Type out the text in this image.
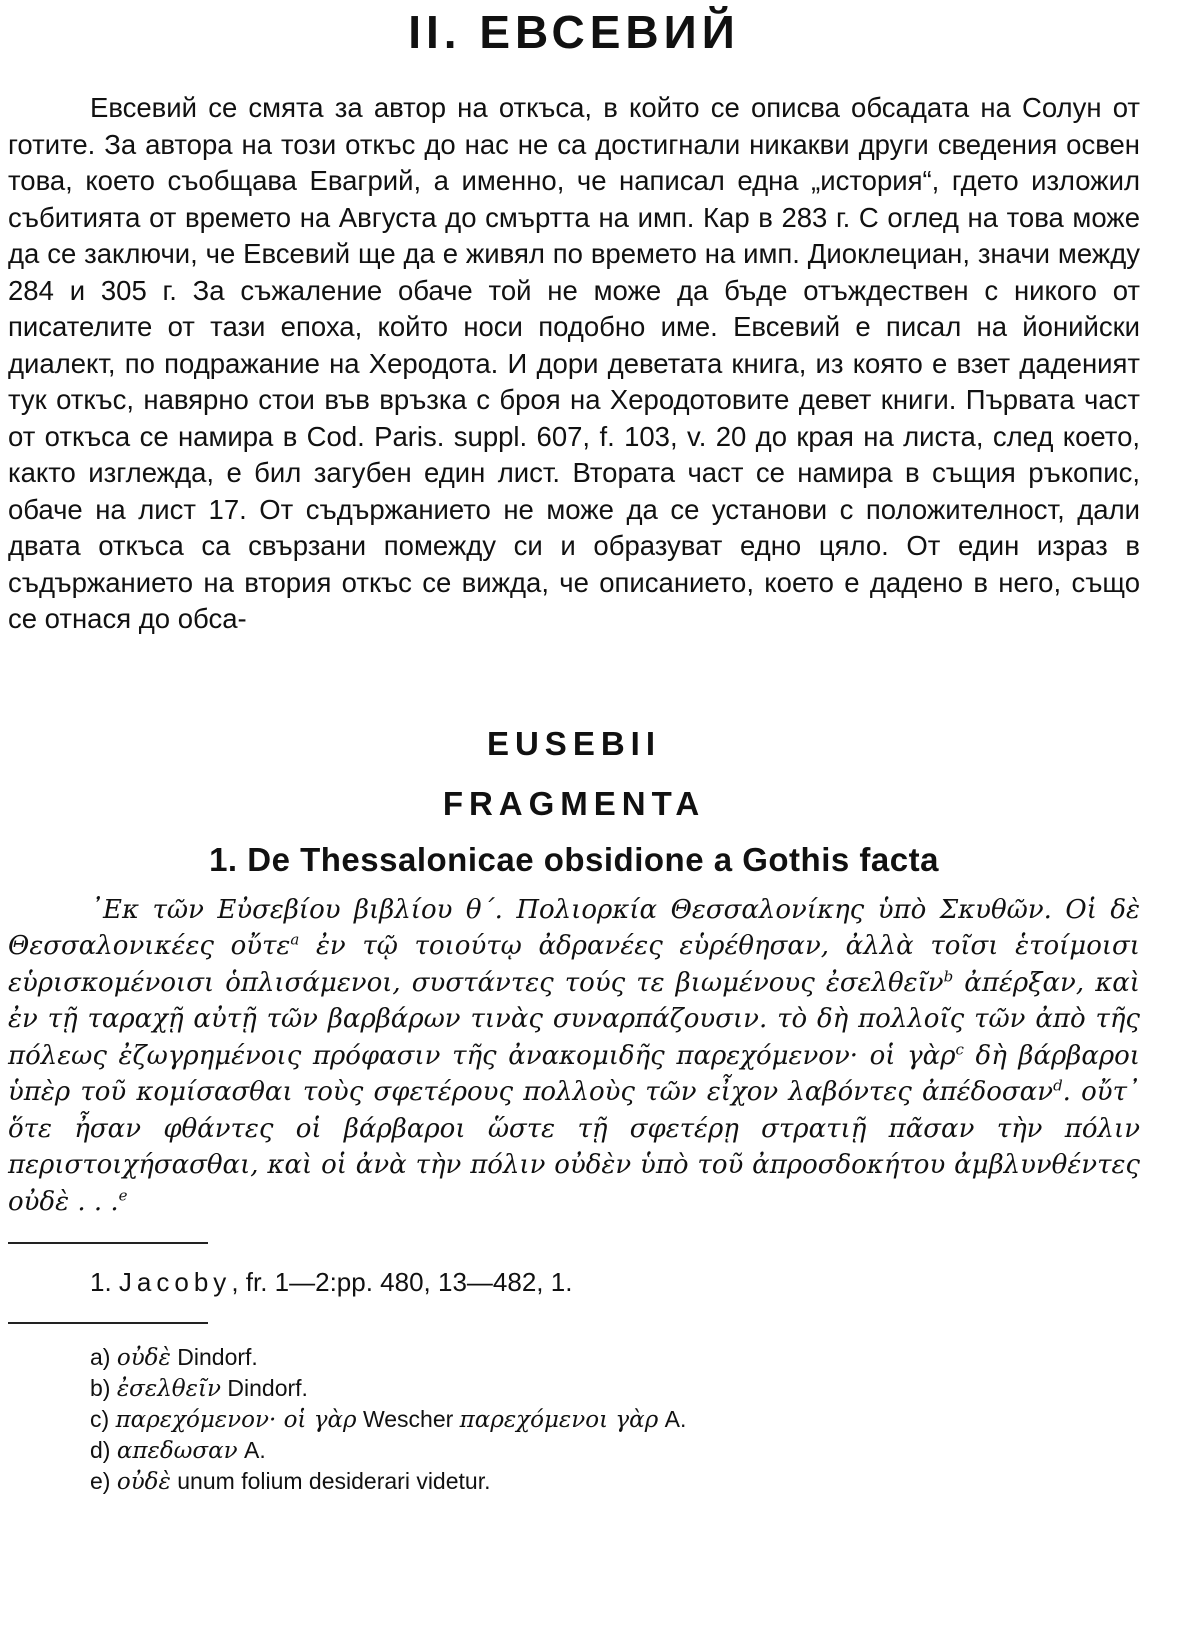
II. ЕВСЕВИЙ

Евсевий се смята за автор на откъса, в който се описва обсадата на Солун от готите. За автора на този откъс до нас не са достигнали никакви други сведения освен това, което съобщава Евагрий, а именно, че написал една „история“, гдето изложил събитията от времето на Августа до смъртта на имп. Кар в 283 г. С оглед на това може да се заключи, че Евсевий ще да е живял по времето на имп. Диоклециан, значи между 284 и 305 г. За съжаление обаче той не може да бъде отъждествен с никого от писателите от тази епоха, който носи подобно име. Евсевий е писал на йонийски диалект, по подражание на Херодота. И дори деветата книга, из която е взет даденият тук откъс, навярно стои във връзка с броя на Херодотовите девет книги. Първата част от откъса се намира в Cod. Paris. suppl. 607, f. 103, v. 20 до края на листа, след което, както изглежда, е бил загубен един лист. Втората част се намира в същия ръкопис, обаче на лист 17. От съдържанието не може да се установи с положителност, дали двата откъса са свързани помежду си и образуват едно цяло. От един израз в съдържанието на втория откъс се вижда, че описанието, което е дадено в него, също се отнася до обса-

EUSEBII
FRAGMENTA
1. De Thessalonicae obsidione a Gothis facta

᾿Εκ τῶν Εὐσεβίου βιβλίου θ΄. Πολιορκία Θεσσαλονίκης ὑπὸ Σκυθῶν. Οἱ δὲ Θεσσαλονικέες οὔτε$^a$ ἐν τῷ τοιούτῳ ἀδρανέες εὑρέθησαν, ἀλλὰ τοῖσι ἑτοίμοισι εὑρισκομένοισι ὁπλισάμενοι, συστάντες τούς τε βιωμένους ἐσελθεῖν$^b$ ἀπέρξαν, καὶ ἐν τῇ ταραχῇ αὐτῇ τῶν βαρβάρων τινὰς συναρπάζουσιν. τὸ δὴ πολλοῖς τῶν ἀπὸ τῆς πόλεως ἐζωγρημένοις πρόφασιν τῆς ἀνακομιδῆς παρεχόμενον· οἱ γὰρ$^c$ δὴ βάρβαροι ὑπὲρ τοῦ κομίσασθαι τοὺς σφετέρους πολλοὺς τῶν εἶχον λαβόντες ἀπέδοσαν$^d$. οὔτ᾿ ὅτε ἦσαν φθάντες οἱ βάρβαροι ὥστε τῇ σφετέρῃ στρατιῇ πᾶσαν τὴν πόλιν περιστοιχήσασθαι, καὶ οἱ ἀνὰ τὴν πόλιν οὐδὲν ὑπὸ τοῦ ἀπροσδοκήτου ἀμβλυνθέντες οὐδὲ . . .$^e$

1. Jacoby, fr. 1—2:pp. 480, 13—482, 1.
a) οὐδὲ Dindorf.
b) ἐσελθεῖν Dindorf.
c) παρεχόμενον· οἱ γὰρ Wescher παρεχόμενοι γὰρ A.
d) απεδωσαν A.
e) οὐδὲ unum folium desiderari videtur.
